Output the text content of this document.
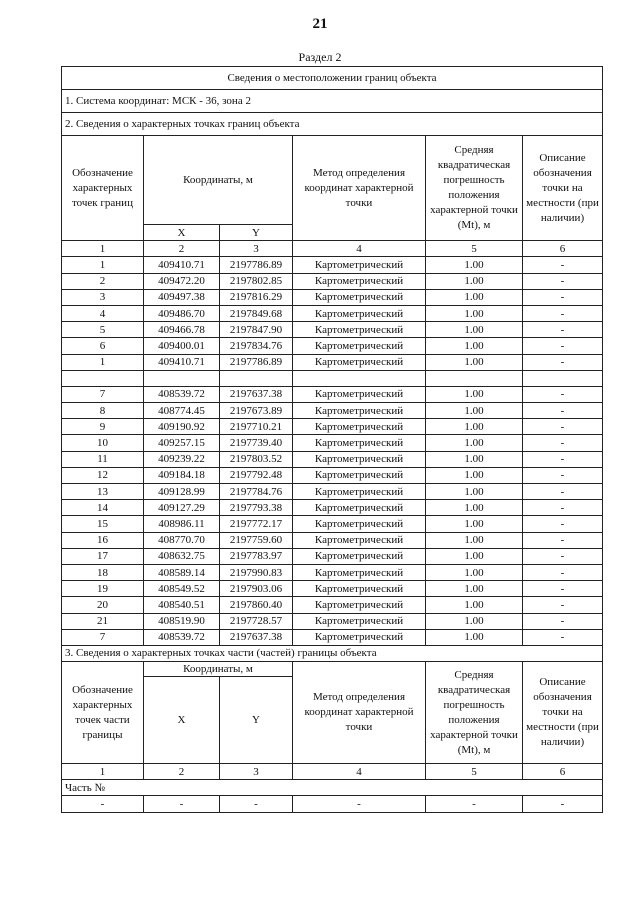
21
Раздел 2
Сведения о местоположении границ объекта					
1. Система координат: МСК - 36, зона 2					
2. Сведения о характерных точках границ объекта					
Обозначение характерных точек границ	Координаты, м		Метод определения координат характерной точки	Средняя квадратическая погрешность положения характерной точки (Mt), м	Описание обозначения точки на местности (при наличии)
	X	Y			
1	2	3	4	5	6
1	409410.71	2197786.89	Картометрический	1.00	-
2	409472.20	2197802.85	Картометрический	1.00	-
3	409497.38	2197816.29	Картометрический	1.00	-
4	409486.70	2197849.68	Картометрический	1.00	-
5	409466.78	2197847.90	Картометрический	1.00	-
6	409400.01	2197834.76	Картометрический	1.00	-
1	409410.71	2197786.89	Картометрический	1.00	-

7	408539.72	2197637.38	Картометрический	1.00	-
8	408774.45	2197673.89	Картометрический	1.00	-
9	409190.92	2197710.21	Картометрический	1.00	-
10	409257.15	2197739.40	Картометрический	1.00	-
11	409239.22	2197803.52	Картометрический	1.00	-
12	409184.18	2197792.48	Картометрический	1.00	-
13	409128.99	2197784.76	Картометрический	1.00	-
14	409127.29	2197793.38	Картометрический	1.00	-
15	408986.11	2197772.17	Картометрический	1.00	-
16	408770.70	2197759.60	Картометрический	1.00	-
17	408632.75	2197783.97	Картометрический	1.00	-
18	408589.14	2197990.83	Картометрический	1.00	-
19	408549.52	2197903.06	Картометрический	1.00	-
20	408540.51	2197860.40	Картометрический	1.00	-
21	408519.90	2197728.57	Картометрический	1.00	-
7	408539.72	2197637.38	Картометрический	1.00	-
3. Сведения о характерных точках части (частей) границы объекта					
Обозначение характерных точек части границы	Координаты, м		Метод определения координат характерной точки	Средняя квадратическая погрешность положения характерной точки (Mt), м	Описание обозначения точки на местности (при наличии)
	X	Y			
1	2	3	4	5	6
Часть №					
-	-	-	-	-	-
